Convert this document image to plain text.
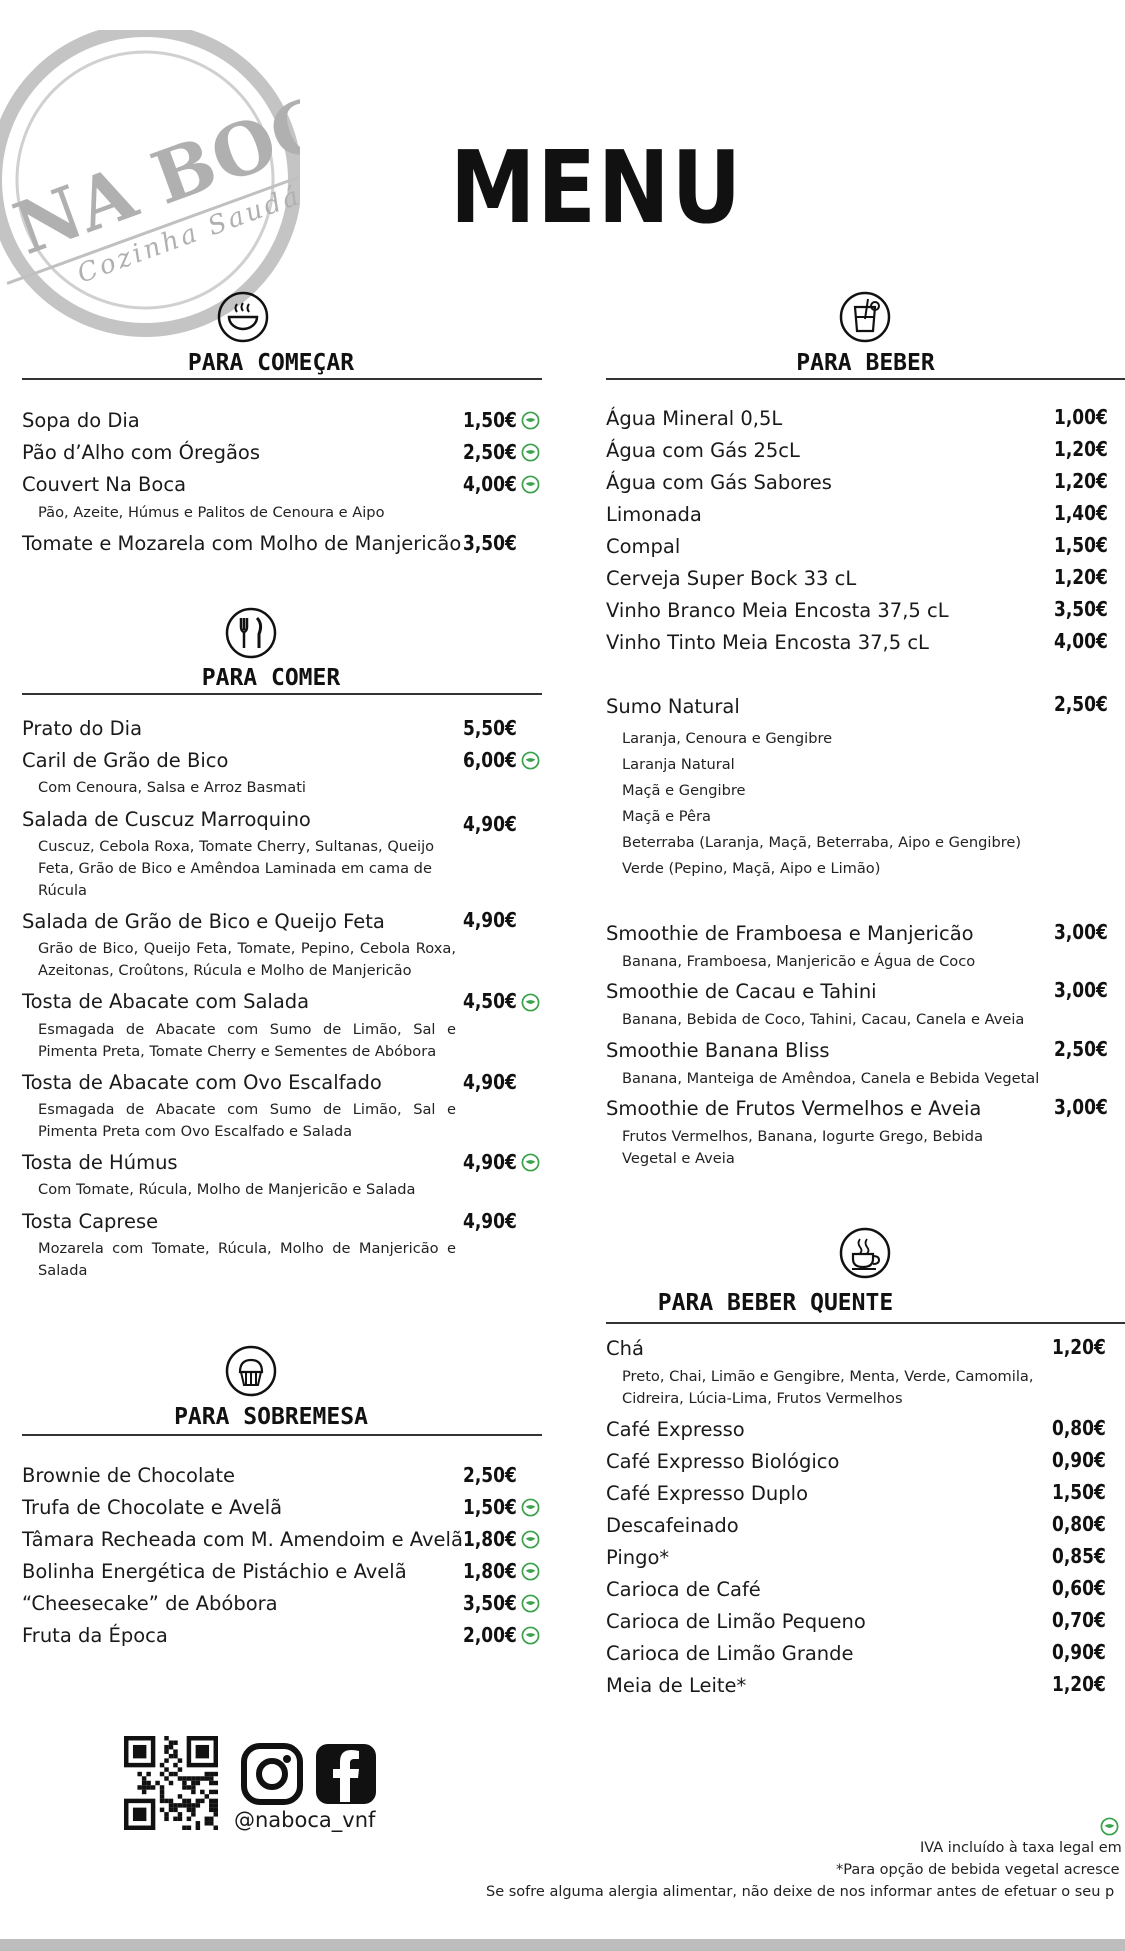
NA BOCA
Cozinha Saudável MENU
PARA COMEÇAR
Sopa do Dia	1,50€
Pão d’Alho com Óregãos	2,50€
Couvert Na Boca	4,00€
Pão, Azeite, Húmus e Palitos de Cenoura e Aipo
Tomate e Mozarela com Molho de Manjericão 3,50€
PARA COMER
Prato do Dia	5,50€
Caril de Grão de Bico	6,00€
Com Cenoura, Salsa e Arroz Basmati
Salada de Cuscuz Marroquino	4,90€
Cuscuz, Cebola Roxa, Tomate Cherry, Sultanas, Queijo Feta, Grão de Bico e Amêndoa Laminada em cama de Rúcula
Salada de Grão de Bico e Queijo Feta	4,90€
Grão de Bico, Queijo Feta, Tomate, Pepino, Cebola Roxa, Azeitonas, Croûtons, Rúcula e Molho de Manjericão
Tosta de Abacate com Salada	4,50€
Esmagada de Abacate com Sumo de Limão, Sal e Pimenta Preta, Tomate Cherry e Sementes de Abóbora
Tosta de Abacate com Ovo Escalfado	4,90€
Esmagada de Abacate com Sumo de Limão, Sal e Pimenta Preta com Ovo Escalfado e Salada
Tosta de Húmus	4,90€
Com Tomate, Rúcula, Molho de Manjericão e Salada
Tosta Caprese	4,90€
Mozarela com Tomate, Rúcula, Molho de Manjericão e Salada
PARA SOBREMESA
Brownie de Chocolate	2,50€
Trufa de Chocolate e Avelã	1,50€
Tâmara Recheada com M. Amendoim e Avelã 1,80€
Bolinha Energética de Pistáchio e Avelã	1,80€
“Cheesecake” de Abóbora	3,50€
Fruta da Época	2,00€
PARA BEBER
Água Mineral 0,5L	1,00€
Água com Gás 25cL	1,20€
Água com Gás Sabores	1,20€
Limonada	1,40€
Compal	1,50€
Cerveja Super Bock 33 cL	1,20€
Vinho Branco Meia Encosta 37,5 cL	3,50€
Vinho Tinto Meia Encosta 37,5 cL	4,00€
Sumo Natural	2,50€
Laranja, Cenoura e Gengibre
Laranja Natural
Maçã e Gengibre
Maçã e Pêra
Beterraba (Laranja, Maçã, Beterraba, Aipo e Gengibre)
Verde (Pepino, Maçã, Aipo e Limão)
Smoothie de Framboesa e Manjericão	3,00€
Banana, Framboesa, Manjericão e Água de Coco
Smoothie de Cacau e Tahini	3,00€
Banana, Bebida de Coco, Tahini, Cacau, Canela e Aveia
Smoothie Banana Bliss	2,50€
Banana, Manteiga de Amêndoa, Canela e Bebida Vegetal
Smoothie de Frutos Vermelhos e Aveia	3,00€
Frutos Vermelhos, Banana, Iogurte Grego, Bebida Vegetal e Aveia
PARA BEBER QUENTE
Chá	1,20€
Preto, Chai, Limão e Gengibre, Menta, Verde, Camomila, Cidreira, Lúcia-Lima, Frutos Vermelhos
Café Expresso	0,80€
Café Expresso Biológico	0,90€
Café Expresso Duplo	1,50€
Descafeinado	0,80€
Pingo*	0,85€
Carioca de Café	0,60€
Carioca de Limão Pequeno	0,70€
Carioca de Limão Grande	0,90€
Meia de Leite*	1,20€
@naboca_vnf
IVA incluído à taxa legal em
*Para opção de bebida vegetal acresce
Se sofre alguma alergia alimentar, não deixe de nos informar antes de efetuar o seu p
